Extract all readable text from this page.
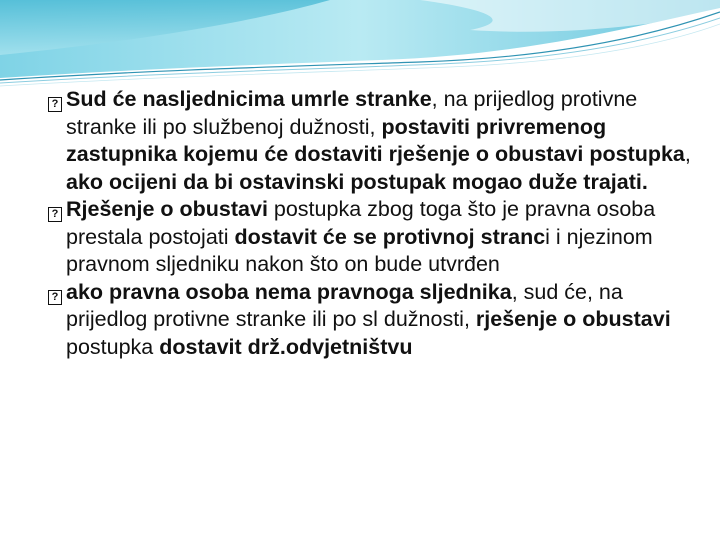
? Sud će nasljednicima umrle stranke, na prijedlog protivne stranke ili po službenoj dužnosti, postaviti privremenog zastupnika kojemu će dostaviti rješenje o obustavi postupka, ako ocijeni da bi ostavinski postupak mogao duže trajati.

? Rješenje o obustavi postupka zbog toga što je pravna osoba prestala postojati dostavit će se protivnoj stranci i njezinom pravnom sljedniku nakon što on bude utvrđen

? ako pravna osoba nema pravnoga sljednika, sud će, na prijedlog protivne stranke ili po sl dužnosti, rješenje o obustavi postupka dostavit drž.odvjetništvu
